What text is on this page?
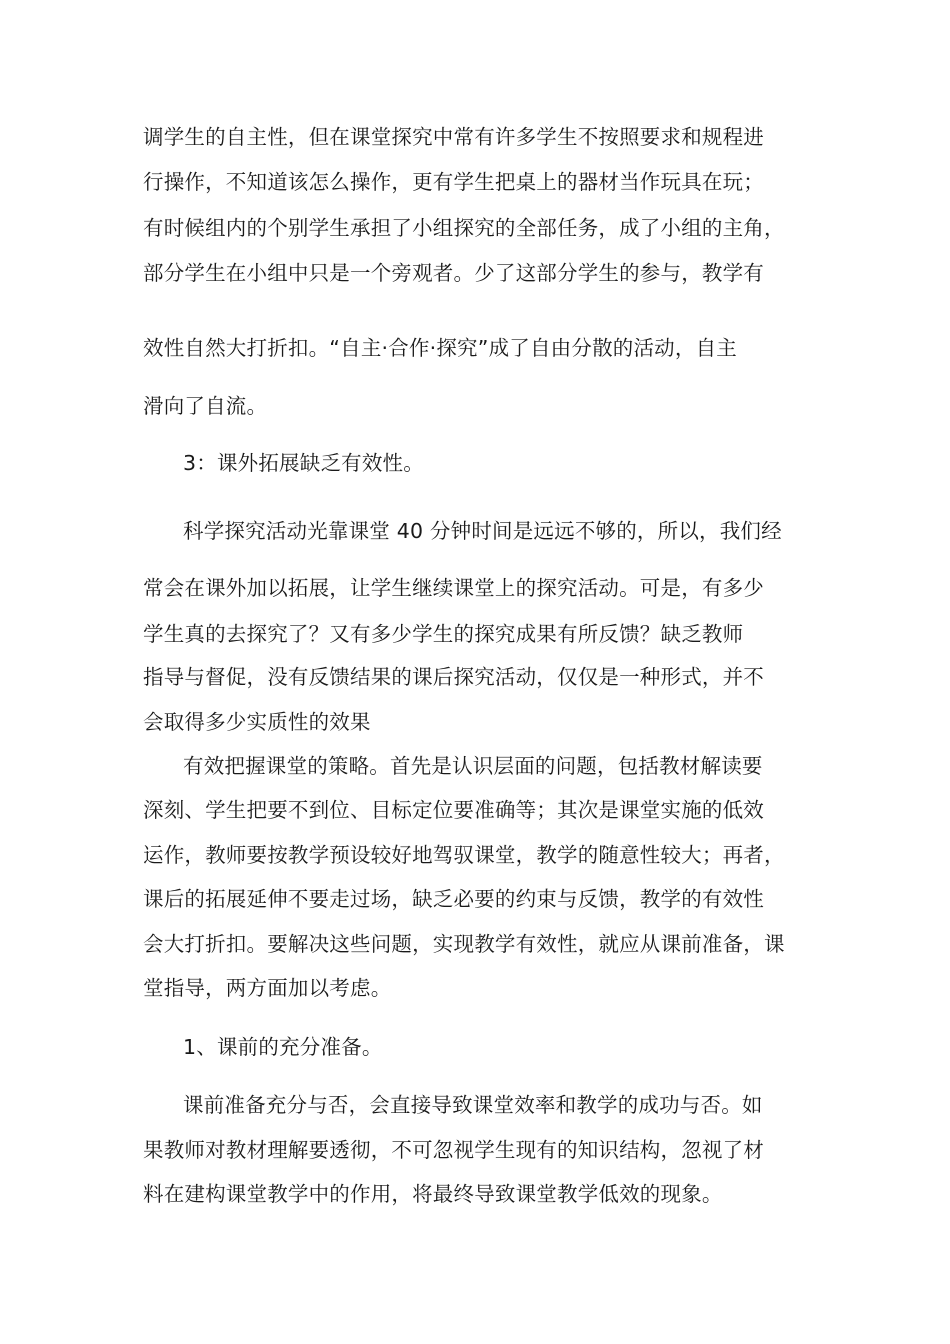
调学生的自主性，但在课堂探究中常有许多学生不按照要求和规程进
行操作，不知道该怎么操作，更有学生把桌上的器材当作玩具在玩；
有时候组内的个别学生承担了小组探究的全部任务，成了小组的主角，
部分学生在小组中只是一个旁观者。少了这部分学生的参与，教学有
效性自然大打折扣。“自主·合作·探究”成了自由分散的活动，自主
滑向了自流。
3：课外拓展缺乏有效性。
科学探究活动光靠课堂 40 分钟时间是远远不够的，所以，我们经
常会在课外加以拓展，让学生继续课堂上的探究活动。可是，有多少
学生真的去探究了？又有多少学生的探究成果有所反馈？缺乏教师
指导与督促，没有反馈结果的课后探究活动，仅仅是一种形式，并不
会取得多少实质性的效果
有效把握课堂的策略。首先是认识层面的问题，包括教材解读要
深刻、学生把要不到位、目标定位要准确等；其次是课堂实施的低效
运作，教师要按教学预设较好地驾驭课堂，教学的随意性较大；再者，
课后的拓展延伸不要走过场，缺乏必要的约束与反馈，教学的有效性
会大打折扣。要解决这些问题，实现教学有效性，就应从课前准备，课
堂指导，两方面加以考虑。
1、课前的充分准备。
课前准备充分与否，会直接导致课堂效率和教学的成功与否。如
果教师对教材理解要透彻，不可忽视学生现有的知识结构，忽视了材
料在建构课堂教学中的作用，将最终导致课堂教学低效的现象。
